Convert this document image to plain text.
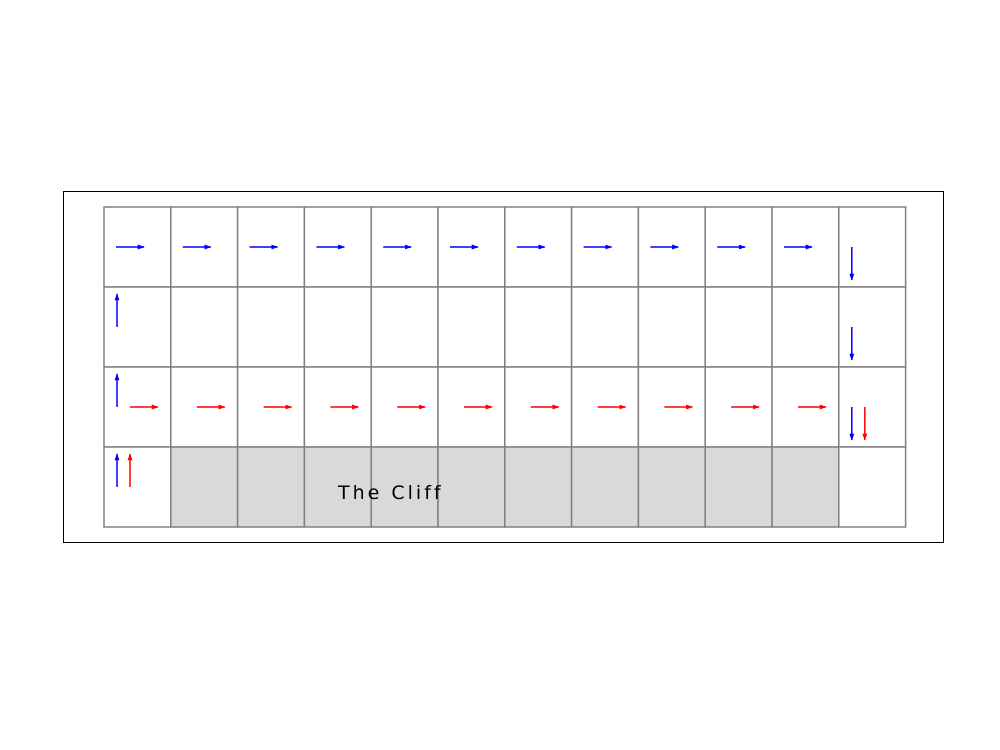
The Cliff
